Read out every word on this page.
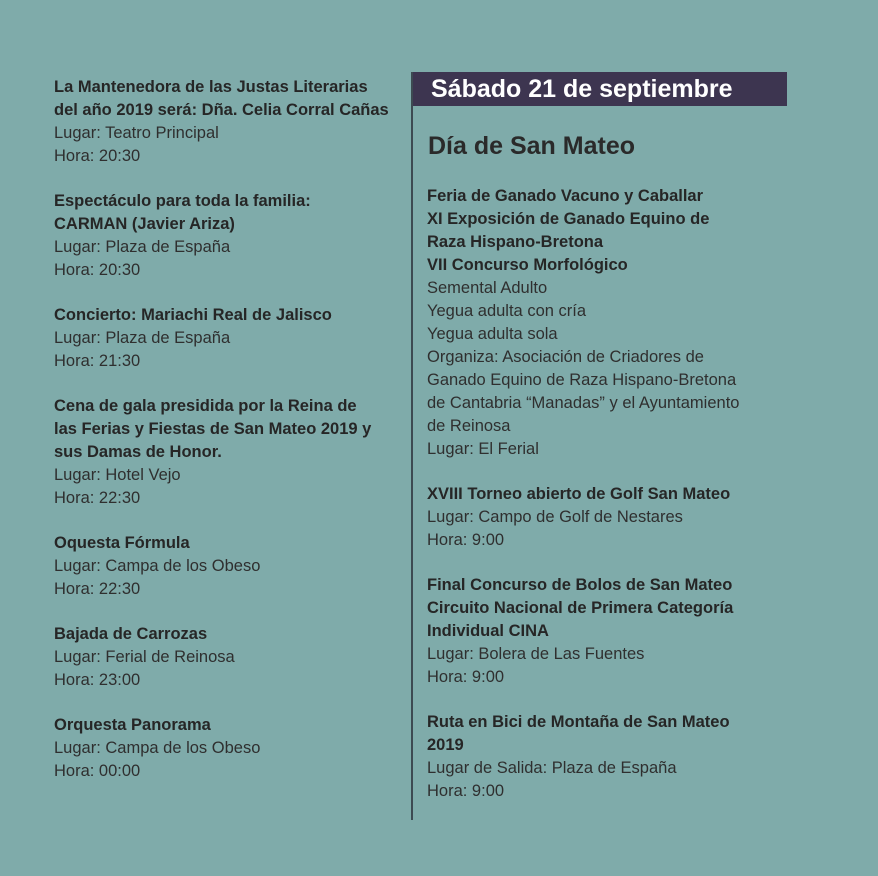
La Mantenedora de las Justas Literarias
del año 2019 será: Dña. Celia Corral Cañas
Lugar: Teatro Principal
Hora: 20:30
Espectáculo para toda la familia:
CARMAN (Javier Ariza)
Lugar: Plaza de España
Hora: 20:30
Concierto: Mariachi Real de Jalisco
Lugar: Plaza de España
Hora: 21:30
Cena de gala presidida por la Reina de
las Ferias y Fiestas de San Mateo 2019 y
sus Damas de Honor.
Lugar: Hotel Vejo
Hora: 22:30
Oquesta Fórmula
Lugar: Campa de los Obeso
Hora: 22:30
Bajada de Carrozas
Lugar: Ferial de Reinosa
Hora: 23:00
Orquesta Panorama
Lugar: Campa de los Obeso
Hora: 00:00
Sábado 21 de septiembre
Día de San Mateo
Feria de Ganado Vacuno y Caballar
XI Exposición de Ganado Equino de
Raza Hispano-Bretona
VII Concurso Morfológico
Semental Adulto
Yegua adulta con cría
Yegua adulta sola
Organiza: Asociación de Criadores de
Ganado Equino de Raza Hispano-Bretona
de Cantabria “Manadas” y el Ayuntamiento
de Reinosa
Lugar: El Ferial
XVIII Torneo abierto de Golf San Mateo
Lugar: Campo de Golf de Nestares
Hora: 9:00
Final Concurso de Bolos de San Mateo
Circuito Nacional de Primera Categoría
Individual CINA
Lugar: Bolera de Las Fuentes
Hora: 9:00
Ruta en Bici de Montaña de San Mateo
2019
Lugar de Salida: Plaza de España
Hora: 9:00
